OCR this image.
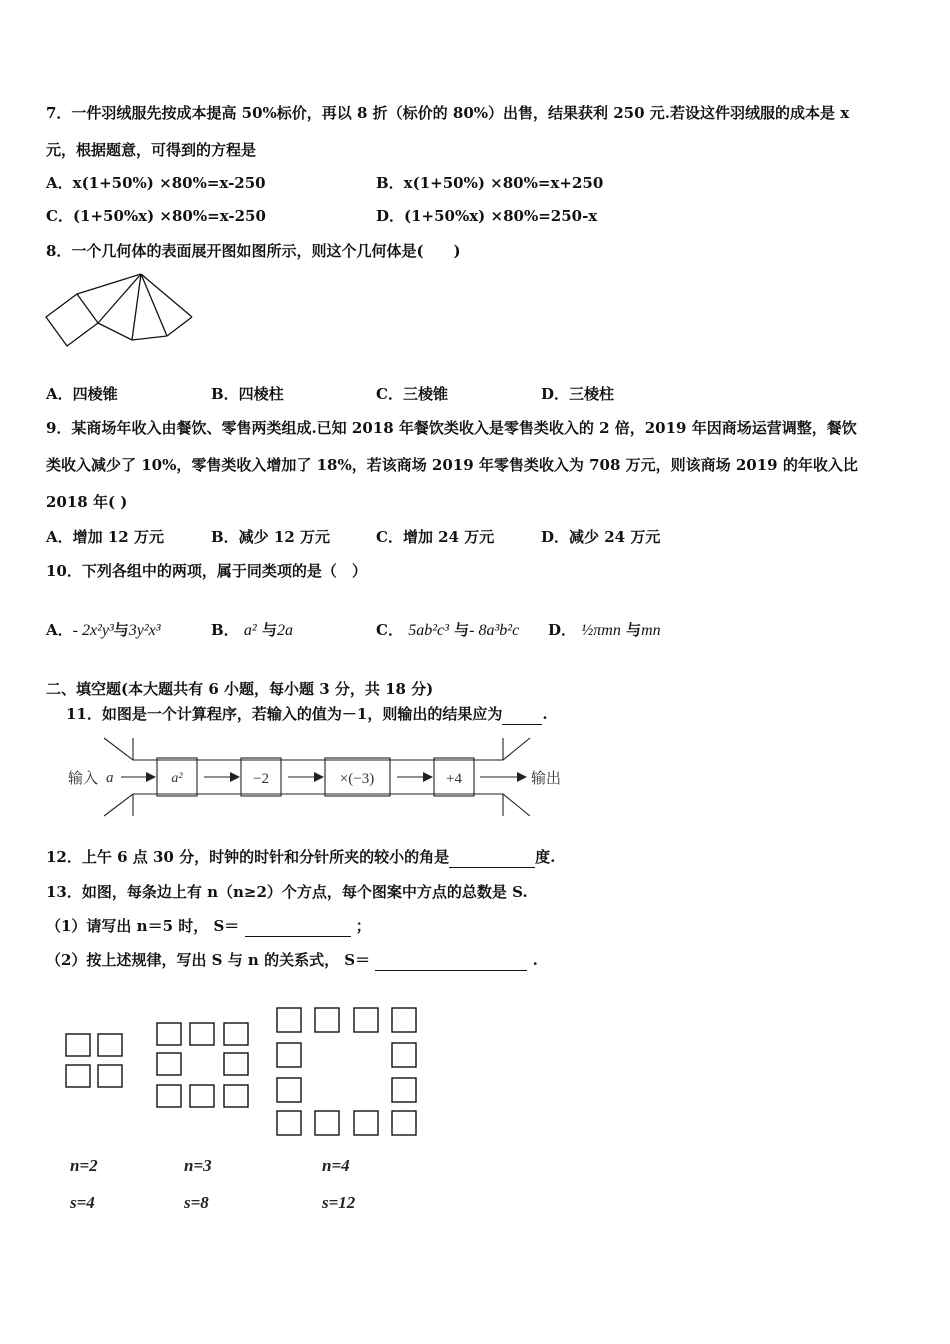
7．一件羽绒服先按成本提高 50%标价，再以 8 折（标价的 80%）出售，结果获利 250 元.若设这件羽绒服的成本是 x
元，根据题意，可得到的方程是
A．x(1+50%) ×80%=x-250	B．x(1+50%) ×80%=x+250
C．(1+50%x) ×80%=x-250	D．(1+50%x) ×80%=250-x
8．一个几何体的表面展开图如图所示，则这个几何体是(　　)
A．四棱锥	B．四棱柱	C．三棱锥	D．三棱柱
9．某商场年收入由餐饮、零售两类组成.已知 2018 年餐饮类收入是零售类收入的 2 倍，2019 年因商场运营调整，餐饮
类收入减少了 10%，零售类收入增加了 18%，若该商场 2019 年零售类收入为 708 万元，则该商场 2019 的年收入比
2018 年( )
A．增加 12 万元	B．减少 12 万元	C．增加 24 万元	D．减少 24 万元
10．下列各组中的两项，属于同类项的是（　）
A．- 2x²y³与3y²x³	B． a² 与2a	C． 5ab²c³ 与- 8a³b²c D． ½πmn 与mn
二、填空题(本大题共有 6 小题，每小题 3 分，共 18 分)
11．如图是一个计算程序，若输入的值为－1，则输出的结果应为	.
输入 a	a²	−2	×(−3)	+4	输出
12．上午 6 点 30 分，时钟的时针和分针所夹的较小的角是	度.
13．如图，每条边上有 n（n≥2）个方点，每个图案中方点的总数是 S.
（1）请写出 n＝5 时， S＝	；
（2）按上述规律，写出 S 与 n 的关系式， S＝	.
n=2	n=3	n=4
s=4	s=8	s=12
